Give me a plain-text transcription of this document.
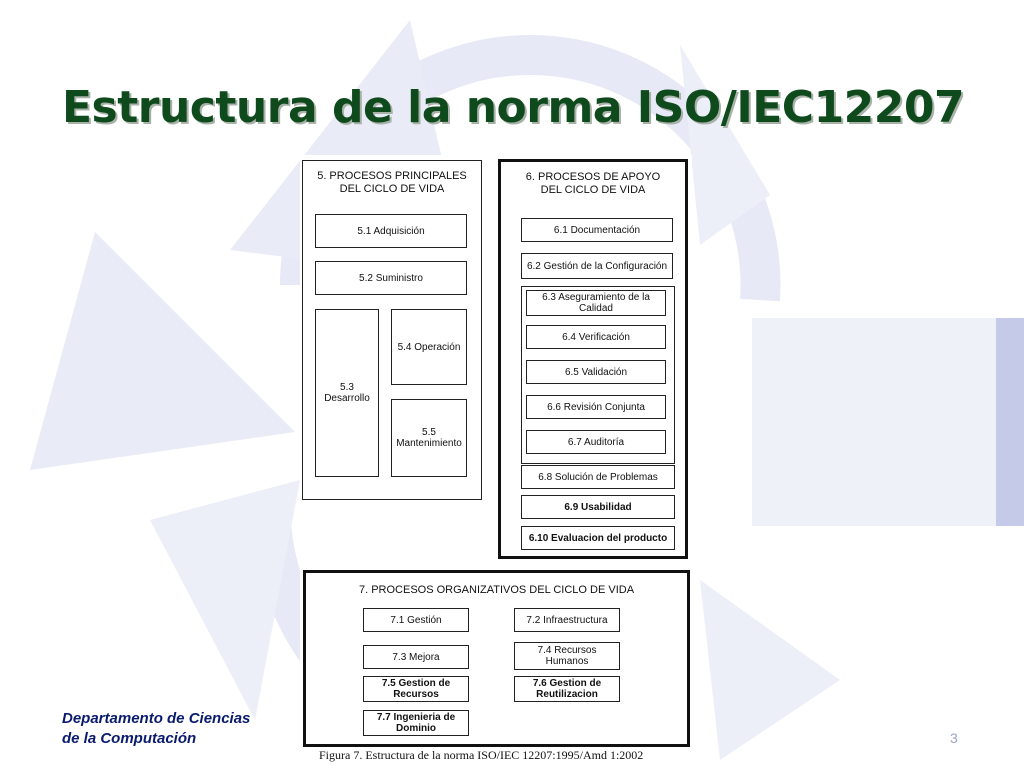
Estructura de la norma ISO/IEC12207
5. PROCESOS PRINCIPALES
DEL CICLO DE VIDA
5.1 Adquisición
5.2 Suministro
5.3
Desarrollo
5.4 Operación
5.5
Mantenimiento
6. PROCESOS DE APOYO
DEL CICLO DE VIDA
6.1 Documentación
6.2 Gestión de la Configuración
6.3 Aseguramiento de la
Calidad
6.4 Verificación
6.5 Validación
6.6 Revisión Conjunta
6.7 Auditoría
6.8 Solución de Problemas
6.9 Usabilidad
6.10 Evaluacion del producto
7. PROCESOS ORGANIZATIVOS DEL CICLO DE VIDA
7.1 Gestión	7.2 Infraestructura
7.3 Mejora
7.4 Recursos
Humanos
7.5 Gestion de
Recursos
7.6 Gestion de
Reutilizacion
7.7 Ingenieria de
Dominio
Figura 7. Estructura de la norma ISO/IEC 12207:1995/Amd 1:2002
Departamento de Ciencias
de la Computación	3
